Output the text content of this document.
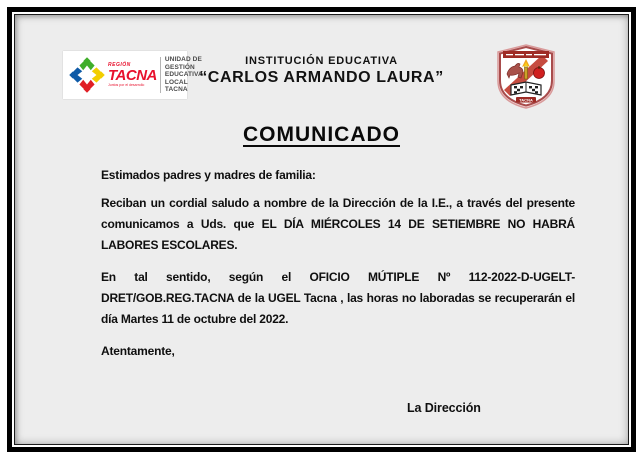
REGIÓN
TACNA
Juntos por el desarrollo
UNIDAD DE
GESTIÓN
EDUCATIVA
LOCAL TACNA
INSTITUCIÓN EDUCATIVA
“CARLOS ARMANDO LAURA”
TACNA
COMUNICADO
Estimados padres y madres de familia:
Reciban un cordial saludo a nombre de la Dirección de la I.E., a través del presente comunicamos a Uds. que EL DÍA MIÉRCOLES 14 DE SETIEMBRE NO HABRÁ LABORES ESCOLARES.
En tal sentido, según el OFICIO MÚTIPLE Nº 112-2022-D-UGELT-DRET/GOB.REG.TACNA de la UGEL Tacna , las horas no laboradas se recuperarán el día Martes 11 de octubre del 2022.
Atentamente,
La Dirección
